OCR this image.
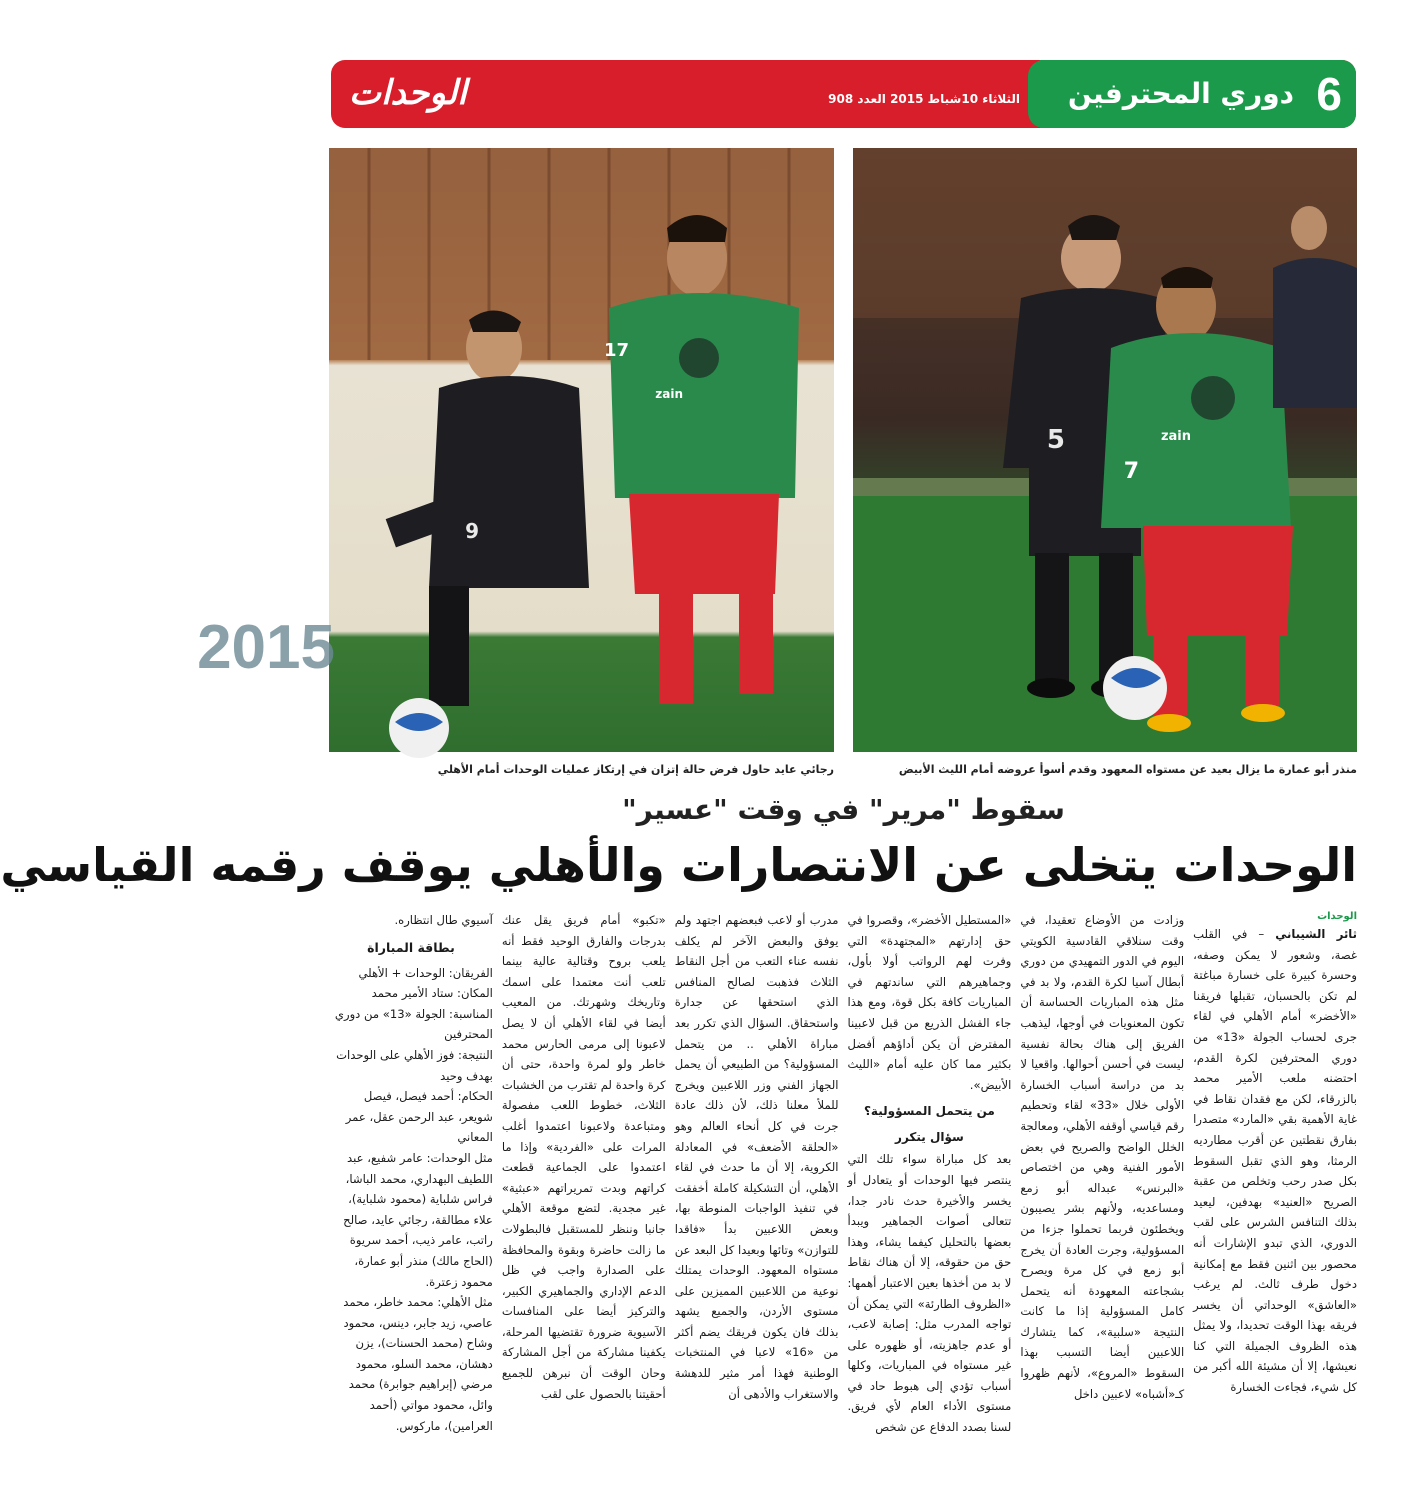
6
دوري المحترفين
الثلاثاء 10شباط 2015 العدد 908
الوحدات
5	zain
7
منذر أبو عمارة ما يزال بعيد عن مستواه المعهود وقدم أسوأ عروضه أمام الليث الأبيض
2015
9
zain
17
رجائي عايد حاول فرض حالة إتزان في إرتكاز عمليات الوحدات أمام الأهلي
سقوط "مرير" في وقت "عسير"
الوحدات يتخلى عن الانتصارات والأهلي يوقف رقمه القياسي
الوحدات

ثائر الشيباني – في القلب غصة، وشعور لا يمكن وصفه، وحسرة كبيرة على خسارة مباغتة لم تكن بالحسبان، تقبلها فريقنا «الأخضر» أمام الأهلي في لقاء جرى لحساب الجولة «13» من دوري المحترفين لكرة القدم، احتضنه ملعب الأمير محمد بالزرقاء، لكن مع فقدان نقاط في غاية الأهمية بقي «المارد» متصدرا بفارق نقطتين عن أقرب مطارديه الرمثا، وهو الذي تقبل السقوط بكل صدر رحب وتخلص من عقبة الصريح «العنيد» بهدفين، ليعيد بذلك التنافس الشرس على لقب الدوري، الذي تبدو الإشارات أنه محصور بين اثنين فقط مع إمكانية دخول طرف ثالث. لم يرغب «العاشق» الوحداتي أن يخسر فريقه بهذا الوقت تحديدا، ولا يمثل هذه الظروف الجميلة التي كنا نعيشها، إلا أن مشيئة الله أكبر من كل شيء، فجاءت الخسارة

وزادت من الأوضاع تعقيدا، في وقت سنلاقي القادسية الكويتي اليوم في الدور التمهيدي من دوري أبطال آسيا لكرة القدم، ولا بد في مثل هذه المباريات الحساسة أن تكون المعنويات في أوجها، ليذهب الفريق إلى هناك بحالة نفسية ليست في أحسن أحوالها. واقعيا لا بد من دراسة أسباب الخسارة الأولى خلال «33» لقاء وتحطيم رقم قياسي أوقفه الأهلي، ومعالجة الخلل الواضح والصريح في بعض الأمور الفنية وهي من اختصاص «البرنس» عبداله أبو زمع ومساعديه، ولأنهم بشر يصيبون ويخطئون فربما تحملوا جزءا من المسؤولية، وجرت العادة أن يخرج أبو زمع في كل مرة ويصرح بشجاعته المعهودة أنه يتحمل كامل المسؤولية إذا ما كانت النتيجة «سلبية»، كما يتشارك اللاعبين أيضا التسبب بهذا السقوط «المروع»، لأنهم ظهروا كـ«أشباه» لاعبين داخل

«المستطيل الأخضر»، وقصروا في حق إدارتهم «المجتهدة» التي وفرت لهم الرواتب أولا بأول، وجماهيرهم التي ساندتهم في المباريات كافة بكل قوة، ومع هذا جاء الفشل الذريع من قبل لاعبينا المفترض أن يكن أداؤهم أفضل بكثير مما كان عليه أمام «الليث الأبيض».

من يتحمل المسؤولية؟
سؤال يتكرر

بعد كل مباراة سواء تلك التي ينتصر فيها الوحدات أو يتعادل أو يخسر والأخيرة حدث نادر جدا، تتعالى أصوات الجماهير ويبدأ بعضها بالتحليل كيفما يشاء، وهذا حق من حقوقه، إلا أن هناك نقاط لا بد من أخذها بعين الاعتبار أهمها: «الظروف الطارئة» التي يمكن أن تواجه المدرب مثل: إصابة لاعب، أو عدم جاهزيته، أو ظهوره على غير مستواه في المباريات، وكلها أسباب تؤدي إلى هبوط حاد في مستوى الأداء العام لأي فريق. لسنا بصدد الدفاع عن شخص

مدرب أو لاعب فبعضهم اجتهد ولم يوفق والبعض الآخر لم يكلف نفسه عناء التعب من أجل النقاط الثلاث فذهبت لصالح المنافس الذي استحقها عن جدارة واستحقاق. السؤال الذي تكرر بعد مباراة الأهلي .. من يتحمل المسؤولية؟ من الطبيعي أن يحمل الجهاز الفني وزر اللاعبين ويخرج للملأ معلنا ذلك، لأن ذلك عادة جرت في كل أنحاء العالم وهو «الحلقة الأضعف» في المعادلة الكروية، إلا أن ما حدث في لقاء الأهلي، أن التشكيلة كاملة أخفقت في تنفيذ الواجبات المنوطة بها، وبعض اللاعبين بدأ «فاقدا للتوازن» وتائها وبعيدا كل البعد عن مستواه المعهود. الوحدات يمتلك نوعية من اللاعبين المميزين على مستوى الأردن، والجميع يشهد بذلك فان يكون فريقك يضم أكثر من «16» لاعبا في المنتخبات الوطنية فهذا أمر مثير للدهشة والاستغراب والأدهى أن

«تكبو» أمام فريق يقل عنك بدرجات والفارق الوحيد فقط أنه يلعب بروح وقتالية عالية بينما تلعب أنت معتمدا على اسمك وتاريخك وشهرتك. من المعيب أيضا في لقاء الأهلي أن لا يصل لاعبونا إلى مرمى الحارس محمد خاطر ولو لمرة واحدة، حتى أن كرة واحدة لم تقترب من الخشبات الثلاث، خطوط اللعب مفصولة ومتباعدة ولاعبونا اعتمدوا أغلب المرات على «الفردية» وإذا ما اعتمدوا على الجماعية قطعت كراتهم وبدت تمريراتهم «عبثية» غير مجدية. لتضع موقعة الأهلي جانبا وننظر للمستقبل فالبطولات ما زالت حاضرة وبقوة والمحافظة على الصدارة واجب في ظل الدعم الإداري والجماهيري الكبير، والتركيز أيضا على المنافسات الآسيوية ضرورة تقتضيها المرحلة، يكفينا مشاركة من أجل المشاركة وحان الوقت أن نبرهن للجميع أحقيتنا بالحصول على لقب

آسيوي طال انتظاره.

بطاقة المباراة

الفريقان: الوحدات + الأهلي

المكان: ستاد الأمير محمد

المناسبة: الجولة «13» من دوري المحترفين

النتيجة: فوز الأهلي على الوحدات بهدف وحيد

الحكام: أحمد فيصل، فيصل شويعر، عبد الرحمن عقل، عمر المعاني

مثل الوحدات: عامر شفيع، عبد اللطيف البهداري، محمد الباشا، فراس شلباية (محمود شلباية)، علاء مطالقة، رجائي عايد، صالح راتب، عامر ذيب، أحمد سريوة (الحاج مالك) منذر أبو عمارة، محمود زعترة.

مثل الأهلي: محمد خاطر، محمد عاصي، زيد جابر، دينس، محمود وشاح (محمد الحسنات)، يزن دهشان، محمد السلو، محمود مرضي (إبراهيم جوابرة) محمد وائل، محمود مواتي (أحمد العرامين)، ماركوس.
